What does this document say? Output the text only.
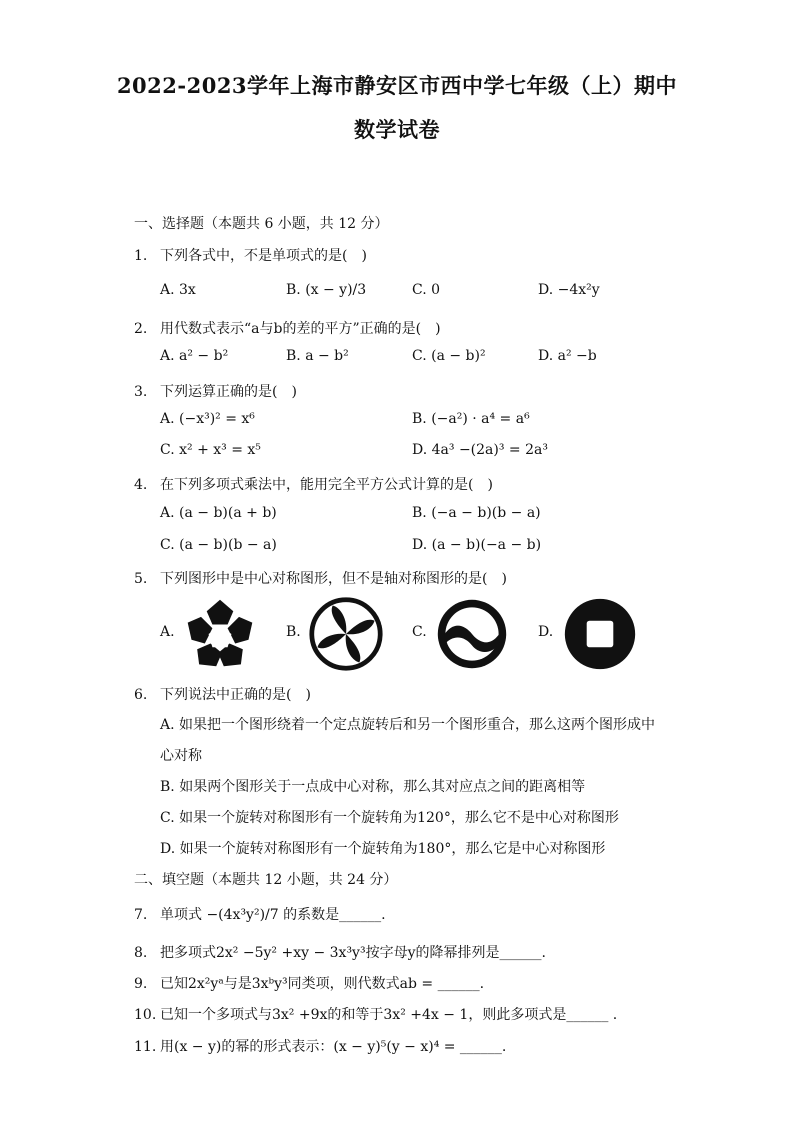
2022-2023学年上海市静安区市西中学七年级（上）期中
数学试卷
一、选择题（本题共 6 小题，共 12 分）
1. 下列各式中，不是单项式的是(　)
A. 3x	B. (x − y)/3	C. 0	D. −4x²y
2. 用代数式表示“a与b的差的平方”正确的是(　)
A. a² − b²	B. a − b²	C. (a − b)²	D. a² −b
3. 下列运算正确的是(　)
A. (−x³)² = x⁶	B. (−a²) · a⁴ = a⁶
C. x² + x³ = x⁵	D. 4a³ −(2a)³ = 2a³
4. 在下列多项式乘法中，能用完全平方公式计算的是(　)
A. (a − b)(a + b)	B. (−a − b)(b − a)
C. (a − b)(b − a)	D. (a − b)(−a − b)
5. 下列图形中是中心对称图形，但不是轴对称图形的是(　)
A.	B.	C.	D.
6. 下列说法中正确的是(　)
A. 如果把一个图形绕着一个定点旋转后和另一个图形重合，那么这两个图形成中
心对称
B. 如果两个图形关于一点成中心对称，那么其对应点之间的距离相等
C. 如果一个旋转对称图形有一个旋转角为120°，那么它不是中心对称图形
D. 如果一个旋转对称图形有一个旋转角为180°，那么它是中心对称图形
二、填空题（本题共 12 小题，共 24 分）
7. 单项式 −(4x³y²)/7 的系数是______.
8. 把多项式2x² −5y² +xy − 3x³y³按字母y的降幂排列是______.
9. 已知2x²yᵃ与是3xᵇy³同类项，则代数式ab = ______.
10. 已知一个多项式与3x² +9x的和等于3x² +4x − 1，则此多项式是______ .
11. 用(x − y)的幂的形式表示：(x − y)⁵(y − x)⁴ = ______.
